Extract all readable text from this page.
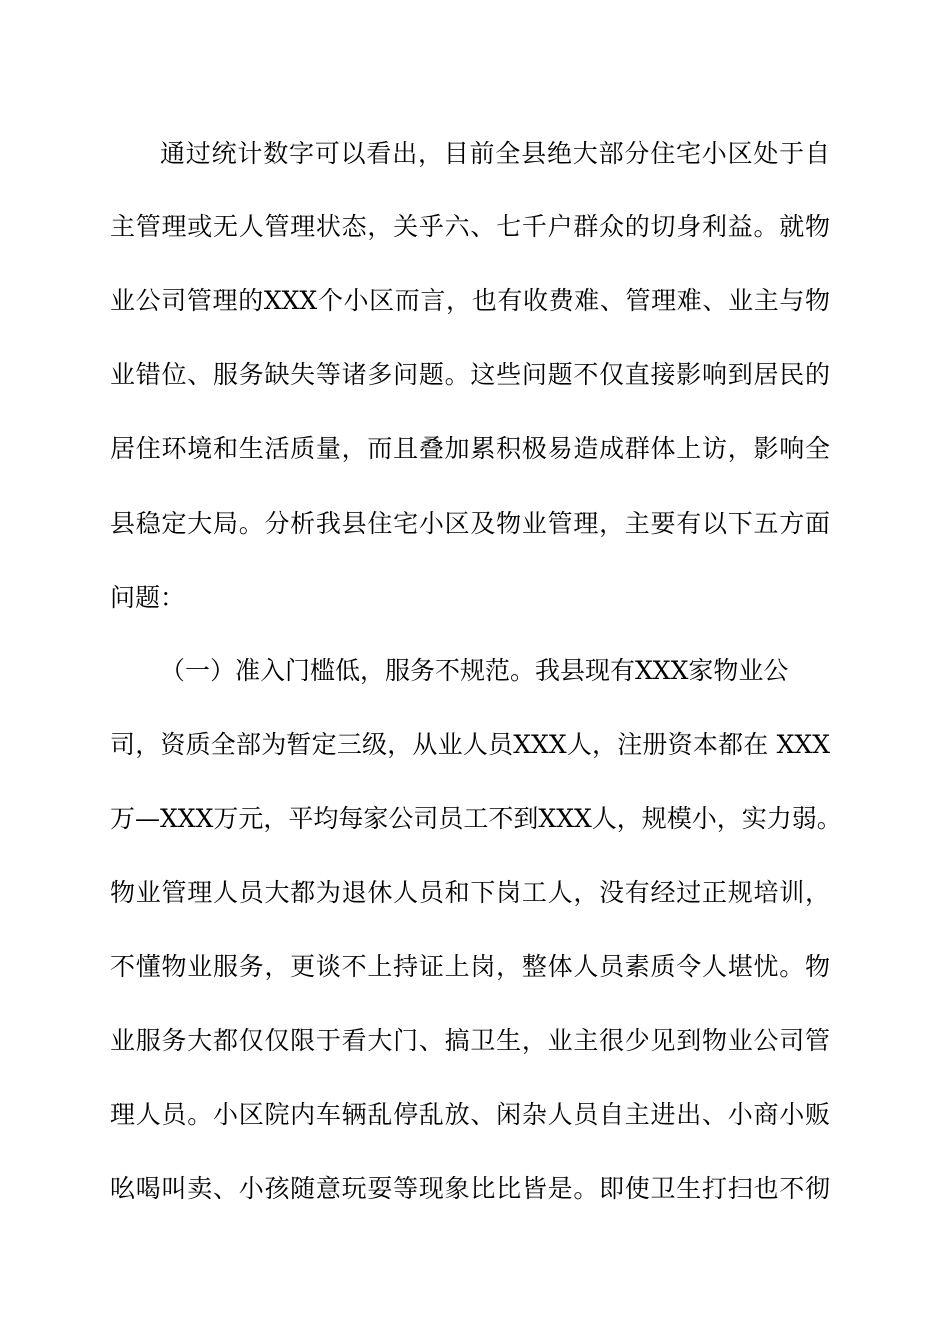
通过统计数字可以看出，目前全县绝大部分住宅小区处于自
主管理或无人管理状态，关乎六、七千户群众的切身利益。就物
业公司管理的XXX个小区而言，也有收费难、管理难、业主与物
业错位、服务缺失等诸多问题。这些问题不仅直接影响到居民的
居住环境和生活质量，而且叠加累积极易造成群体上访，影响全
县稳定大局。分析我县住宅小区及物业管理，主要有以下五方面
问题：
（一）准入门槛低，服务不规范。我县现有XXX家物业公
司，资质全部为暂定三级，从业人员XXX人，注册资本都在 XXX
万—XXX万元，平均每家公司员工不到XXX人，规模小，实力弱。
物业管理人员大都为退休人员和下岗工人，没有经过正规培训，
不懂物业服务，更谈不上持证上岗，整体人员素质令人堪忧。物
业服务大都仅仅限于看大门、搞卫生，业主很少见到物业公司管
理人员。小区院内车辆乱停乱放、闲杂人员自主进出、小商小贩
吆喝叫卖、小孩随意玩耍等现象比比皆是。即使卫生打扫也不彻
